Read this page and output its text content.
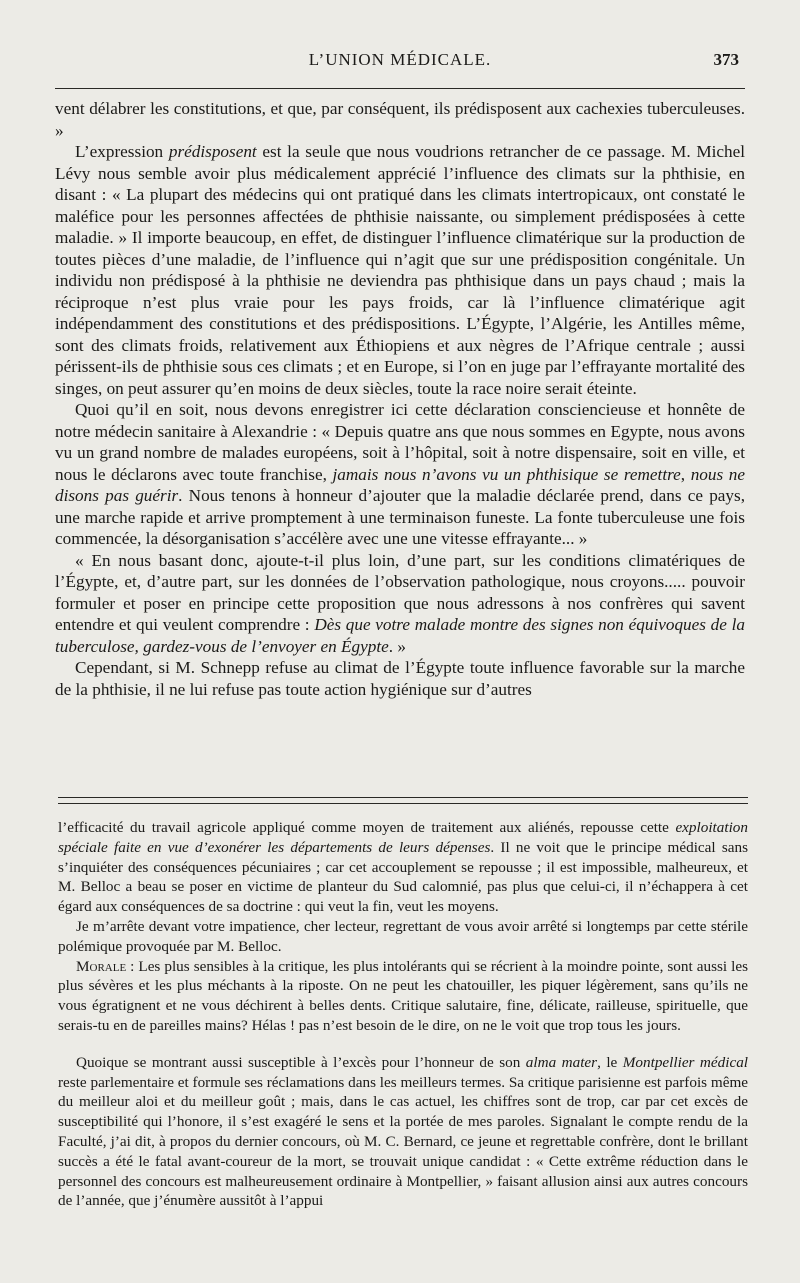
L’UNION MÉDICALE.	373

vent délabrer les constitutions, et que, par conséquent, ils prédisposent aux cachexies tuberculeuses. »

L’expression prédisposent est la seule que nous voudrions retrancher de ce passage. M. Michel Lévy nous semble avoir plus médicalement apprécié l’influence des climats sur la phthisie, en disant : « La plupart des médecins qui ont pratiqué dans les climats intertropicaux, ont constaté le maléfice pour les personnes affectées de phthisie naissante, ou simplement prédisposées à cette maladie. » Il importe beaucoup, en effet, de distinguer l’influence climatérique sur la production de toutes pièces d’une maladie, de l’influence qui n’agit que sur une prédisposition congénitale. Un individu non prédisposé à la phthisie ne deviendra pas phthisique dans un pays chaud ; mais la réciproque n’est plus vraie pour les pays froids, car là l’influence climatérique agit indépendamment des constitutions et des prédispositions. L’Égypte, l’Algérie, les Antilles même, sont des climats froids, relativement aux Éthiopiens et aux nègres de l’Afrique centrale ; aussi périssent-ils de phthisie sous ces climats ; et en Europe, si l’on en juge par l’effrayante mortalité des singes, on peut assurer qu’en moins de deux siècles, toute la race noire serait éteinte.

Quoi qu’il en soit, nous devons enregistrer ici cette déclaration consciencieuse et honnête de notre médecin sanitaire à Alexandrie : « Depuis quatre ans que nous sommes en Egypte, nous avons vu un grand nombre de malades européens, soit à l’hôpital, soit à notre dispensaire, soit en ville, et nous le déclarons avec toute franchise, jamais nous n’avons vu un phthisique se remettre, nous ne disons pas guérir. Nous tenons à honneur d’ajouter que la maladie déclarée prend, dans ce pays, une marche rapide et arrive promptement à une terminaison funeste. La fonte tuberculeuse une fois commencée, la désorganisation s’accélère avec une une vitesse effrayante... »

« En nous basant donc, ajoute-t-il plus loin, d’une part, sur les conditions climatériques de l’Égypte, et, d’autre part, sur les données de l’observation pathologique, nous croyons..... pouvoir formuler et poser en principe cette proposition que nous adressons à nos confrères qui savent entendre et qui veulent comprendre : Dès que votre malade montre des signes non équivoques de la tuberculose, gardez-vous de l’envoyer en Égypte. »

Cependant, si M. Schnepp refuse au climat de l’Égypte toute influence favorable sur la marche de la phthisie, il ne lui refuse pas toute action hygiénique sur d’autres

l’efficacité du travail agricole appliqué comme moyen de traitement aux aliénés, repousse cette exploitation spéciale faite en vue d’exonérer les départements de leurs dépenses. Il ne voit que le principe médical sans s’inquiéter des conséquences pécuniaires ; car cet accouplement se repousse ; il est impossible, malheureux, et M. Belloc a beau se poser en victime de planteur du Sud calomnié, pas plus que celui-ci, il n’échappera à cet égard aux conséquences de sa doctrine : qui veut la fin, veut les moyens.

Je m’arrête devant votre impatience, cher lecteur, regrettant de vous avoir arrêté si longtemps par cette stérile polémique provoquée par M. Belloc.

Morale : Les plus sensibles à la critique, les plus intolérants qui se récrient à la moindre pointe, sont aussi les plus sévères et les plus méchants à la riposte. On ne peut les chatouiller, les piquer légèrement, sans qu’ils ne vous égratignent et ne vous déchirent à belles dents. Critique salutaire, fine, délicate, railleuse, spirituelle, que serais-tu en de pareilles mains? Hélas ! pas n’est besoin de le dire, on ne le voit que trop tous les jours.

Quoique se montrant aussi susceptible à l’excès pour l’honneur de son alma mater, le Montpellier médical reste parlementaire et formule ses réclamations dans les meilleurs termes. Sa critique parisienne est parfois même du meilleur aloi et du meilleur goût ; mais, dans le cas actuel, les chiffres sont de trop, car par cet excès de susceptibilité qui l’honore, il s’est exagéré le sens et la portée de mes paroles. Signalant le compte rendu de la Faculté, j’ai dit, à propos du dernier concours, où M. C. Bernard, ce jeune et regrettable confrère, dont le brillant succès a été le fatal avant-coureur de la mort, se trouvait unique candidat : « Cette extrême réduction dans le personnel des concours est malheureusement ordinaire à Montpellier, » faisant allusion ainsi aux autres concours de l’année, que j’énumère aussitôt à l’appui
